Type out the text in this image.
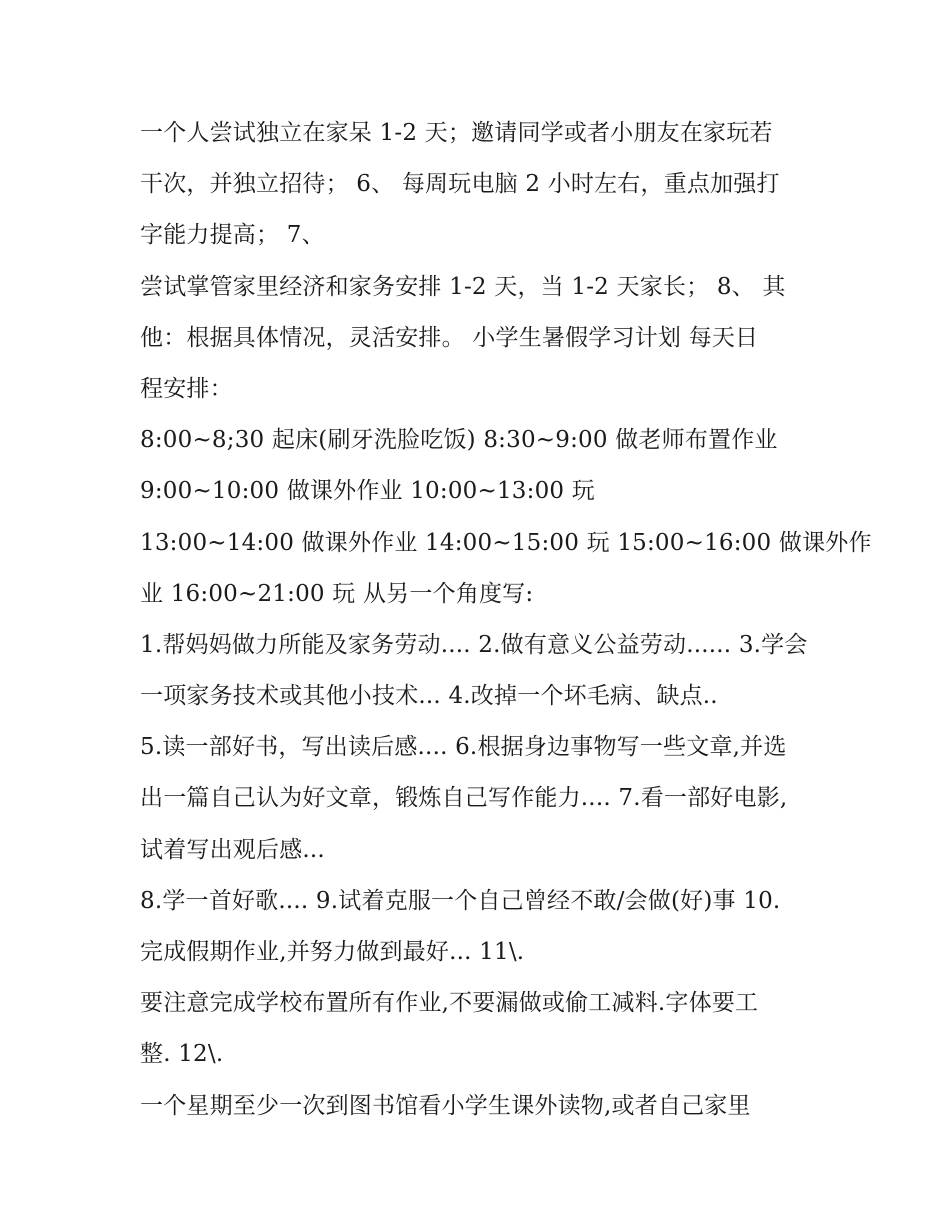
一个人尝试独立在家呆 1-2 天；邀请同学或者小朋友在家玩若
干次，并独立招待； 6、 每周玩电脑 2 小时左右，重点加强打
字能力提高； 7、
尝试掌管家里经济和家务安排 1-2 天，当 1-2 天家长； 8、 其
他：根据具体情况，灵活安排。 小学生暑假学习计划 每天日
程安排：
8:00~8;30 起床(刷牙洗脸吃饭) 8:30~9:00 做老师布置作业
9:00~10:00 做课外作业 10:00~13:00 玩
13:00~14:00 做课外作业 14:00~15:00 玩 15:00~16:00 做课外作
业 16:00~21:00 玩 从另一个角度写:
1.帮妈妈做力所能及家务劳动.... 2.做有意义公益劳动...... 3.学会
一项家务技术或其他小技术... 4.改掉一个坏毛病、缺点..
5.读一部好书，写出读后感.... 6.根据身边事物写一些文章,并选
出一篇自己认为好文章，锻炼自己写作能力.... 7.看一部好电影,
试着写出观后感...
8.学一首好歌.... 9.试着克服一个自己曾经不敢/会做(好)事 10.
完成假期作业,并努力做到最好... 11\.
要注意完成学校布置所有作业,不要漏做或偷工减料.字体要工
整. 12\.
一个星期至少一次到图书馆看小学生课外读物,或者自己家里
